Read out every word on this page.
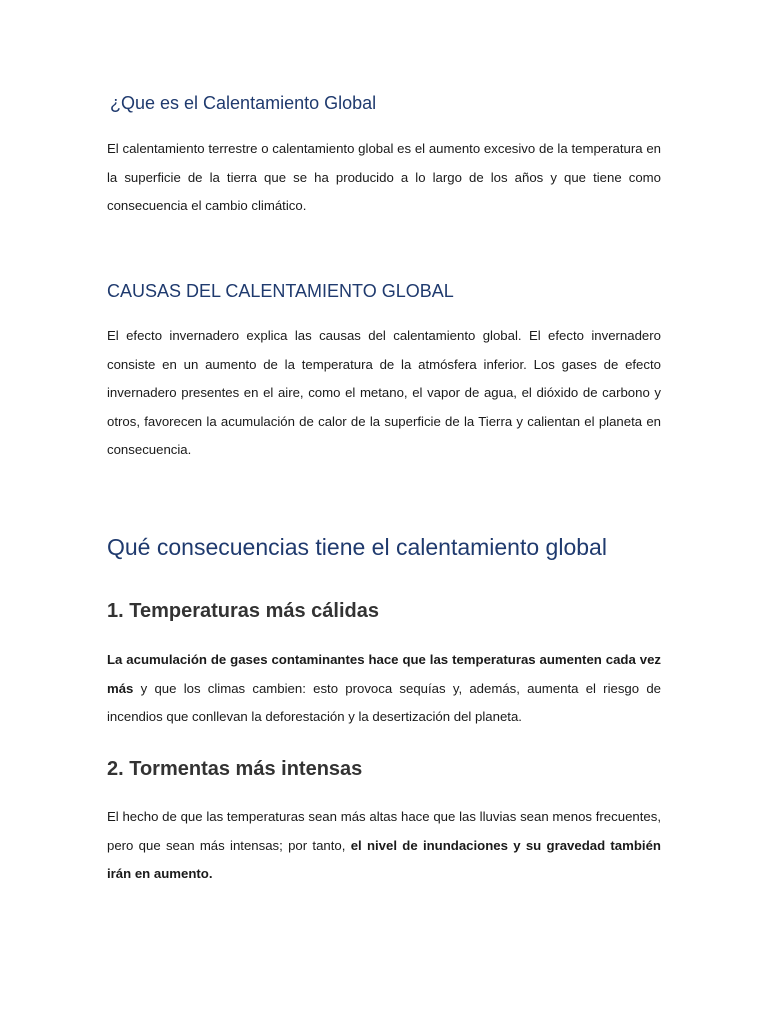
¿Que es el Calentamiento Global

El calentamiento terrestre o calentamiento global es el aumento excesivo de la temperatura en la superficie de la tierra que se ha producido a lo largo de los años y que tiene como consecuencia el cambio climático.

CAUSAS DEL CALENTAMIENTO GLOBAL

El efecto invernadero explica las causas del calentamiento global. El efecto invernadero consiste en un aumento de la temperatura de la atmósfera inferior. Los gases de efecto invernadero presentes en el aire, como el metano, el vapor de agua, el dióxido de carbono y otros, favorecen la acumulación de calor de la superficie de la Tierra y calientan el planeta en consecuencia.

Qué consecuencias tiene el calentamiento global
1. Temperaturas más cálidas

La acumulación de gases contaminantes hace que las temperaturas aumenten cada vez más y que los climas cambien: esto provoca sequías y, además, aumenta el riesgo de incendios que conllevan la deforestación y la desertización del planeta.

2. Tormentas más intensas

El hecho de que las temperaturas sean más altas hace que las lluvias sean menos frecuentes, pero que sean más intensas; por tanto, el nivel de inundaciones y su gravedad también irán en aumento.
